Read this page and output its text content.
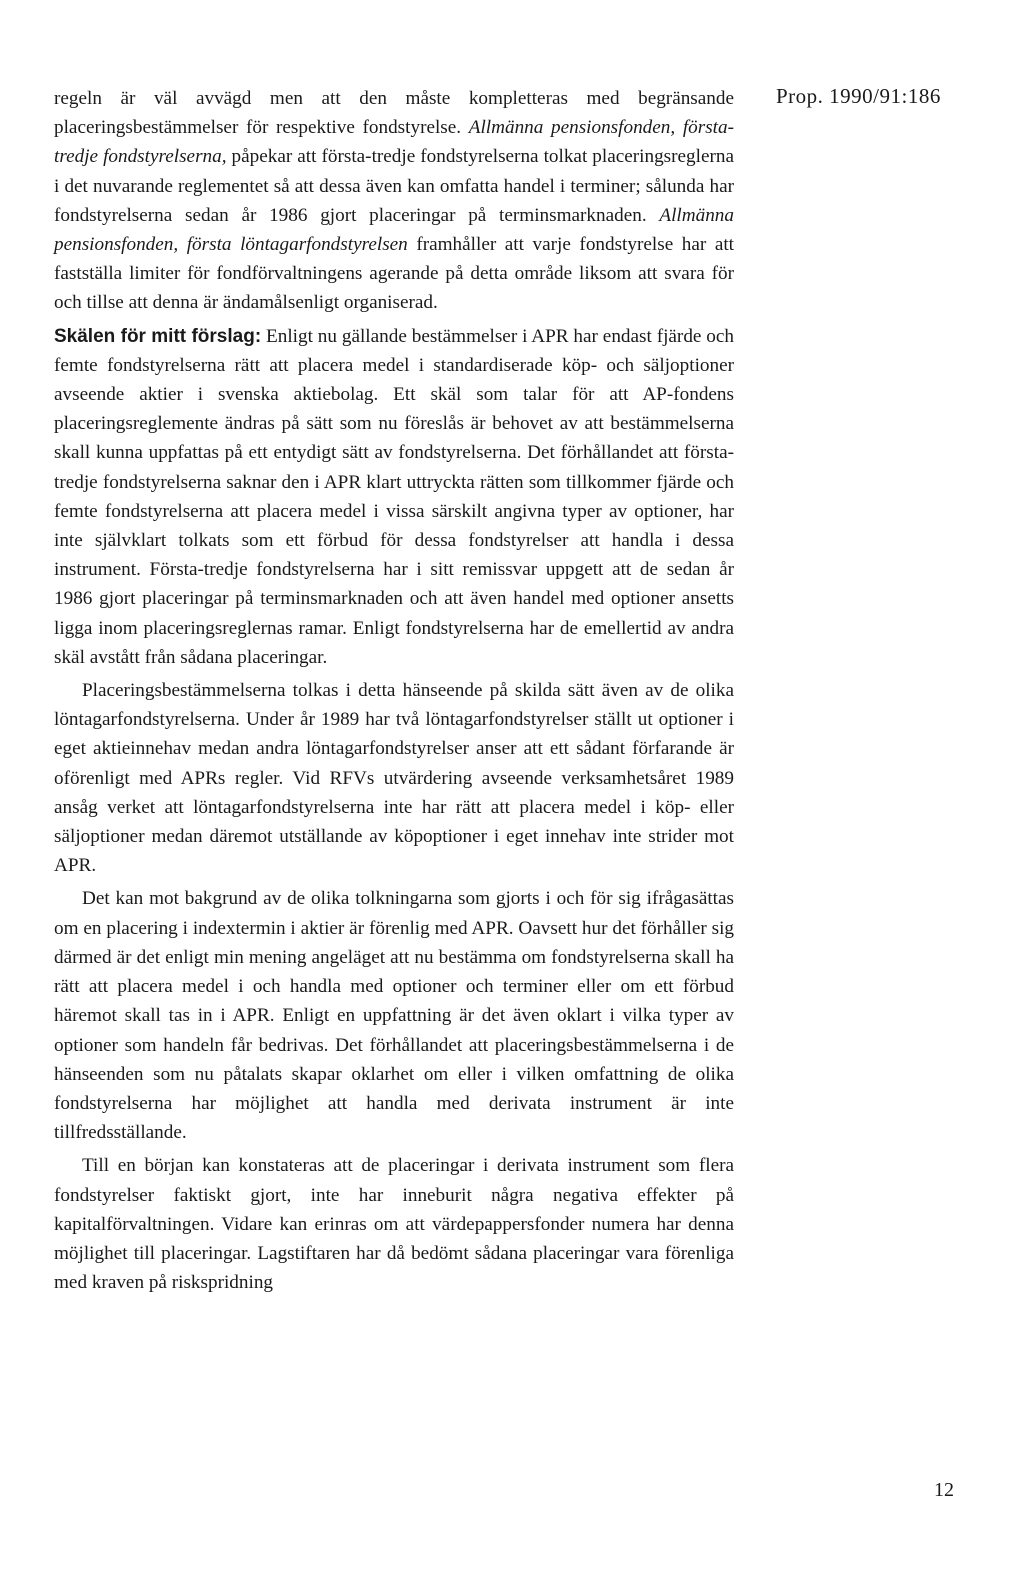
Prop. 1990/91:186

regeln är väl avvägd men att den måste kompletteras med begränsande placeringsbestämmelser för respektive fondstyrelse. Allmänna pensionsfonden, första-tredje fondstyrelserna, påpekar att första-tredje fondstyrelserna tolkat placeringsreglerna i det nuvarande reglementet så att dessa även kan omfatta handel i terminer; sålunda har fondstyrelserna sedan år 1986 gjort placeringar på terminsmarknaden. Allmänna pensionsfonden, första löntagarfondstyrelsen framhåller att varje fondstyrelse har att fastställa limiter för fondförvaltningens agerande på detta område liksom att svara för och tillse att denna är ändamålsenligt organiserad.

Skälen för mitt förslag: Enligt nu gällande bestämmelser i APR har endast fjärde och femte fondstyrelserna rätt att placera medel i standardiserade köp- och säljoptioner avseende aktier i svenska aktiebolag. Ett skäl som talar för att AP-fondens placeringsreglemente ändras på sätt som nu föreslås är behovet av att bestämmelserna skall kunna uppfattas på ett entydigt sätt av fondstyrelserna. Det förhållandet att första-tredje fondstyrelserna saknar den i APR klart uttryckta rätten som tillkommer fjärde och femte fondstyrelserna att placera medel i vissa särskilt angivna typer av optioner, har inte självklart tolkats som ett förbud för dessa fondstyrelser att handla i dessa instrument. Första-tredje fondstyrelserna har i sitt remissvar uppgett att de sedan år 1986 gjort placeringar på terminsmarknaden och att även handel med optioner ansetts ligga inom placeringsreglernas ramar. Enligt fondstyrelserna har de emellertid av andra skäl avstått från sådana placeringar.

Placeringsbestämmelserna tolkas i detta hänseende på skilda sätt även av de olika löntagarfondstyrelserna. Under år 1989 har två löntagarfondstyrelser ställt ut optioner i eget aktieinnehav medan andra löntagarfondstyrelser anser att ett sådant förfarande är oförenligt med APRs regler. Vid RFVs utvärdering avseende verksamhetsåret 1989 ansåg verket att löntagarfondstyrelserna inte har rätt att placera medel i köp- eller säljoptioner medan däremot utställande av köpoptioner i eget innehav inte strider mot APR.

Det kan mot bakgrund av de olika tolkningarna som gjorts i och för sig ifrågasättas om en placering i indextermin i aktier är förenlig med APR. Oavsett hur det förhåller sig därmed är det enligt min mening angeläget att nu bestämma om fondstyrelserna skall ha rätt att placera medel i och handla med optioner och terminer eller om ett förbud häremot skall tas in i APR. Enligt en uppfattning är det även oklart i vilka typer av optioner som handeln får bedrivas. Det förhållandet att placeringsbestämmelserna i de hänseenden som nu påtalats skapar oklarhet om eller i vilken omfattning de olika fondstyrelserna har möjlighet att handla med derivata instrument är inte tillfredsställande.

Till en början kan konstateras att de placeringar i derivata instrument som flera fondstyrelser faktiskt gjort, inte har inneburit några negativa effekter på kapitalförvaltningen. Vidare kan erinras om att värdepappersfonder numera har denna möjlighet till placeringar. Lagstiftaren har då bedömt sådana placeringar vara förenliga med kraven på riskspridning

12
